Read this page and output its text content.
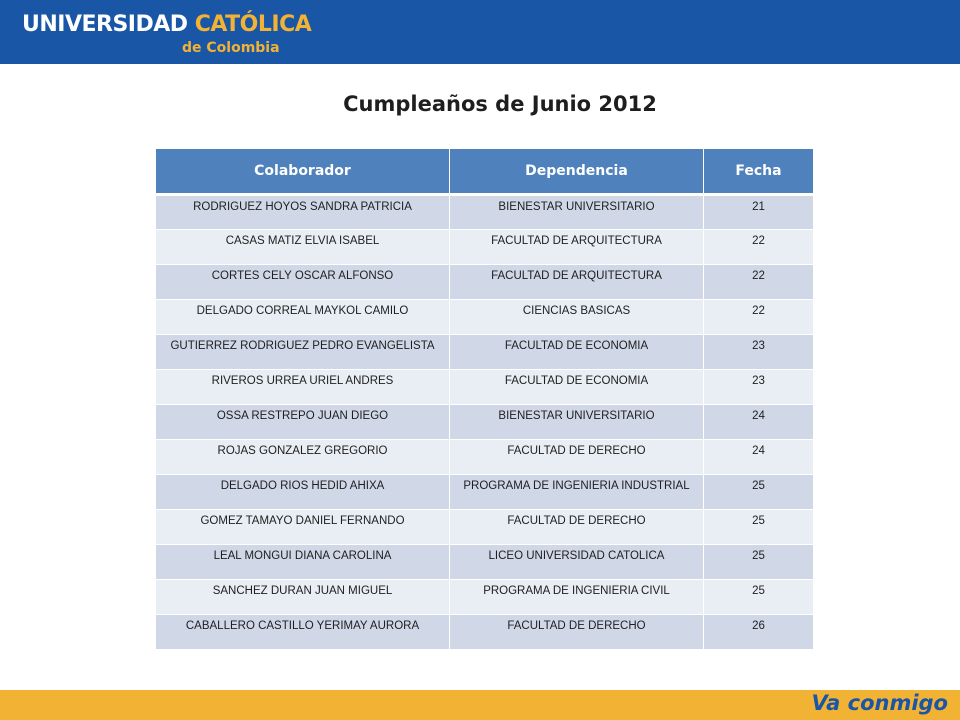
UNIVERSIDAD CATÓLICA
de Colombia
Cumpleaños de Junio 2012
Colaborador	Dependencia	Fecha
RODRIGUEZ HOYOS SANDRA PATRICIA	BIENESTAR UNIVERSITARIO	21
CASAS MATIZ ELVIA ISABEL	FACULTAD DE ARQUITECTURA	22
CORTES CELY OSCAR ALFONSO	FACULTAD DE ARQUITECTURA	22
DELGADO CORREAL MAYKOL CAMILO	CIENCIAS BASICAS	22
GUTIERREZ RODRIGUEZ PEDRO EVANGELISTA	FACULTAD DE ECONOMIA	23
RIVEROS URREA URIEL ANDRES	FACULTAD DE ECONOMIA	23
OSSA RESTREPO JUAN DIEGO	BIENESTAR UNIVERSITARIO	24
ROJAS GONZALEZ GREGORIO	FACULTAD DE DERECHO	24
DELGADO RIOS HEDID AHIXA	PROGRAMA DE INGENIERIA INDUSTRIAL	25
GOMEZ TAMAYO DANIEL FERNANDO	FACULTAD DE DERECHO	25
LEAL MONGUI DIANA CAROLINA	LICEO UNIVERSIDAD CATOLICA	25
SANCHEZ DURAN JUAN MIGUEL	PROGRAMA DE INGENIERIA CIVIL	25
CABALLERO CASTILLO YERIMAY AURORA	FACULTAD DE DERECHO	26
Va conmigo
